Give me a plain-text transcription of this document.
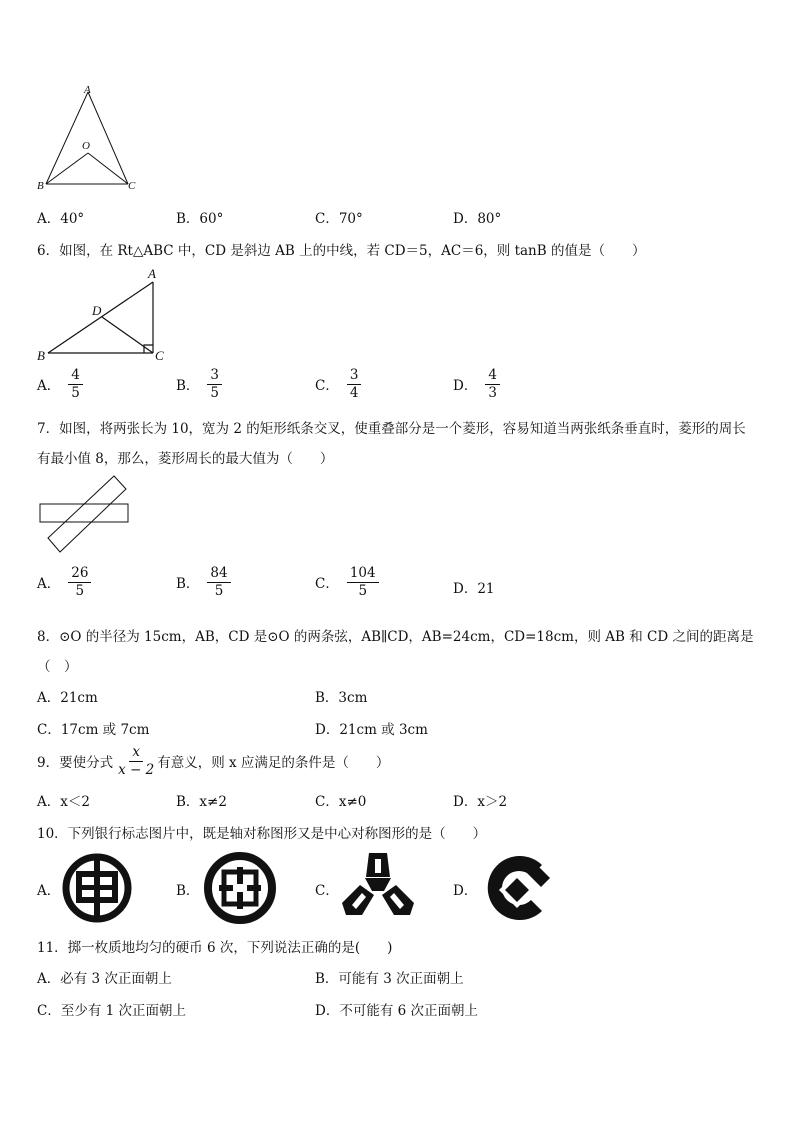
A
O
B	C
A．40°	B．60°	C．70°	D．80°
6．如图，在 Rt△ABC 中，CD 是斜边 AB 上的中线，若 CD＝5，AC＝6，则 tanB 的值是（　　）
A
D
B	C
A． $\frac{4}{5}$	B． $\frac{3}{5}$	C． $\frac{3}{4}$	D． $\frac{4}{3}$
7．如图，将两张长为 10，宽为 2 的矩形纸条交叉，使重叠部分是一个菱形，容易知道当两张纸条垂直时，菱形的周长
有最小值 8，那么，菱形周长的最大值为（　　）
A． $\frac{26}{5}$	B． $\frac{84}{5}$	C． $\frac{104}{5}$	D．21
8．⊙O 的半径为 15cm，AB，CD 是⊙O 的两条弦，AB∥CD，AB=24cm，CD=18cm，则 AB 和 CD 之间的距离是
（　）
A．21cm	B．3cm
C．17cm 或 7cm	D．21cm 或 3cm
9．要使分式 $\frac{x}{x - 2}$ 有意义，则 x 应满足的条件是（　　）
A．x＜2	B．x≠2	C．x≠0	D．x＞2
10．下列银行标志图片中，既是轴对称图形又是中心对称图形的是（　　）
A．	B．	C．	D．
11．掷一枚质地均匀的硬币 6 次，下列说法正确的是(　　)
A．必有 3 次正面朝上	B．可能有 3 次正面朝上
C．至少有 1 次正面朝上	D．不可能有 6 次正面朝上
